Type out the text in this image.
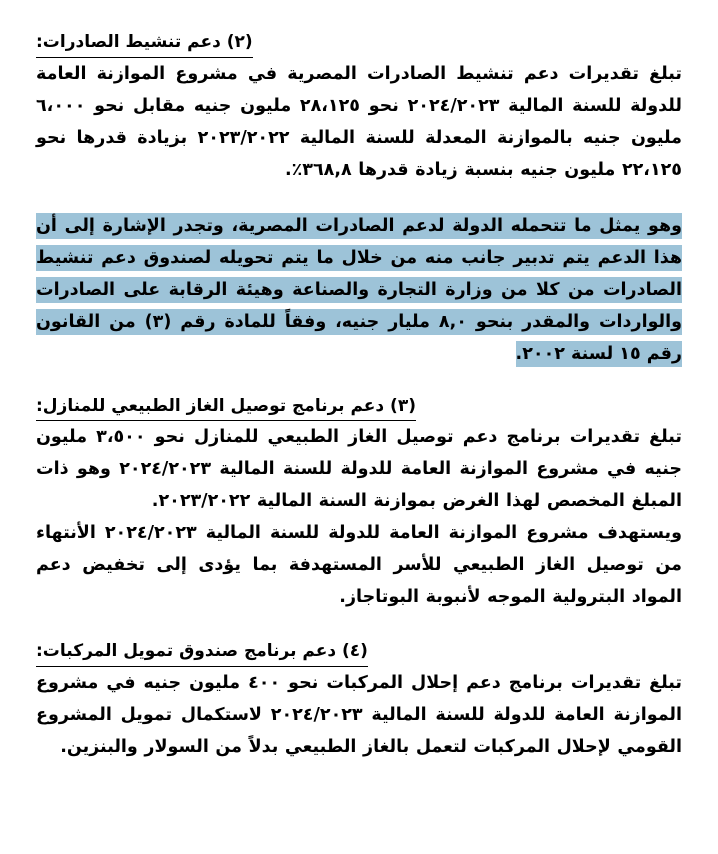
(٢) دعم تنشيط الصادرات:

تبلغ تقديرات دعم تنشيط الصادرات المصرية في مشروع الموازنة العامة للدولة للسنة المالية ٢٠٢٤/٢٠٢٣ نحو ٢٨،١٢٥ مليون جنيه مقابل نحو ٦،٠٠٠ مليون جنيه بالموازنة المعدلة للسنة المالية ٢٠٢٣/٢٠٢٢ بزيادة قدرها نحو ٢٢،١٢٥ مليون جنيه بنسبة زيادة قدرها ٣٦٨,٨٪.

وهو يمثل ما تتحمله الدولة لدعم الصادرات المصرية، وتجدر الإشارة إلى أن هذا الدعم يتم تدبير جانب منه من خلال ما يتم تحويله لصندوق دعم تنشيط الصادرات من كلا من وزارة التجارة والصناعة وهيئة الرقابة على الصادرات والواردات والمقدر بنحو ٨,٠ مليار جنيه، وفقاً للمادة رقم (٣) من القانون رقم ١٥ لسنة ٢٠٠٢.
(٣) دعم برنامج توصيل الغاز الطبيعي للمنازل:

تبلغ تقديرات برنامج دعم توصيل الغاز الطبيعي للمنازل نحو ٣،٥٠٠ مليون جنيه في مشروع الموازنة العامة للدولة للسنة المالية ٢٠٢٤/٢٠٢٣ وهو ذات المبلغ المخصص لهذا الغرض بموازنة السنة المالية ٢٠٢٣/٢٠٢٢.

ويستهدف مشروع الموازنة العامة للدولة للسنة المالية ٢٠٢٤/٢٠٢٣ الأنتهاء من توصيل الغاز الطبيعي للأسر المستهدفة بما يؤدى إلى تخفيض دعم المواد البترولية الموجه لأنبوبة البوتاجاز.

(٤) دعم برنامج صندوق تمويل المركبات:

تبلغ تقديرات برنامج دعم إحلال المركبات نحو ٤٠٠ مليون جنيه في مشروع الموازنة العامة للدولة للسنة المالية ٢٠٢٤/٢٠٢٣ لاستكمال تمويل المشروع القومي لإحلال المركبات لتعمل بالغاز الطبيعي بدلاً من السولار والبنزين.
